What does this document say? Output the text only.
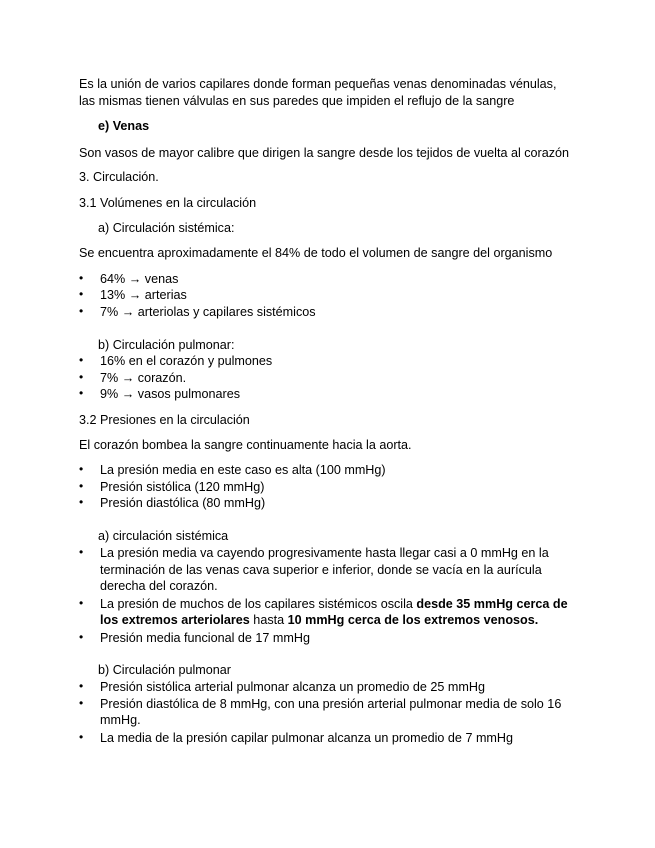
Es la unión de varios capilares donde forman pequeñas venas denominadas vénulas,
las mismas tienen válvulas en sus paredes que impiden el reflujo de la sangre
e) Venas
Son vasos de mayor calibre que dirigen la sangre desde los tejidos de vuelta al corazón
3. Circulación.
3.1 Volúmenes en la circulación
a) Circulación sistémica:
Se encuentra aproximadamente el 84% de todo el volumen de sangre del organismo
• 64% → venas
• 13% → arterias
• 7% → arteriolas y capilares sistémicos
b) Circulación pulmonar:
• 16% en el corazón y pulmones
• 7% → corazón.
• 9% → vasos pulmonares
3.2 Presiones en la circulación
El corazón bombea la sangre continuamente hacia la aorta.
• La presión media en este caso es alta (100 mmHg)
• Presión sistólica (120 mmHg)
• Presión diastólica (80 mmHg)
a) circulación sistémica
• La presión media va cayendo progresivamente hasta llegar casi a 0 mmHg en la
terminación de las venas cava superior e inferior, donde se vacía en la aurícula
derecha del corazón.
• La presión de muchos de los capilares sistémicos oscila desde 35 mmHg cerca de
los extremos arteriolares hasta 10 mmHg cerca de los extremos venosos.
• Presión media funcional de 17 mmHg
b) Circulación pulmonar
• Presión sistólica arterial pulmonar alcanza un promedio de 25 mmHg
• Presión diastólica de 8 mmHg, con una presión arterial pulmonar media de solo 16
mmHg.
• La media de la presión capilar pulmonar alcanza un promedio de 7 mmHg
